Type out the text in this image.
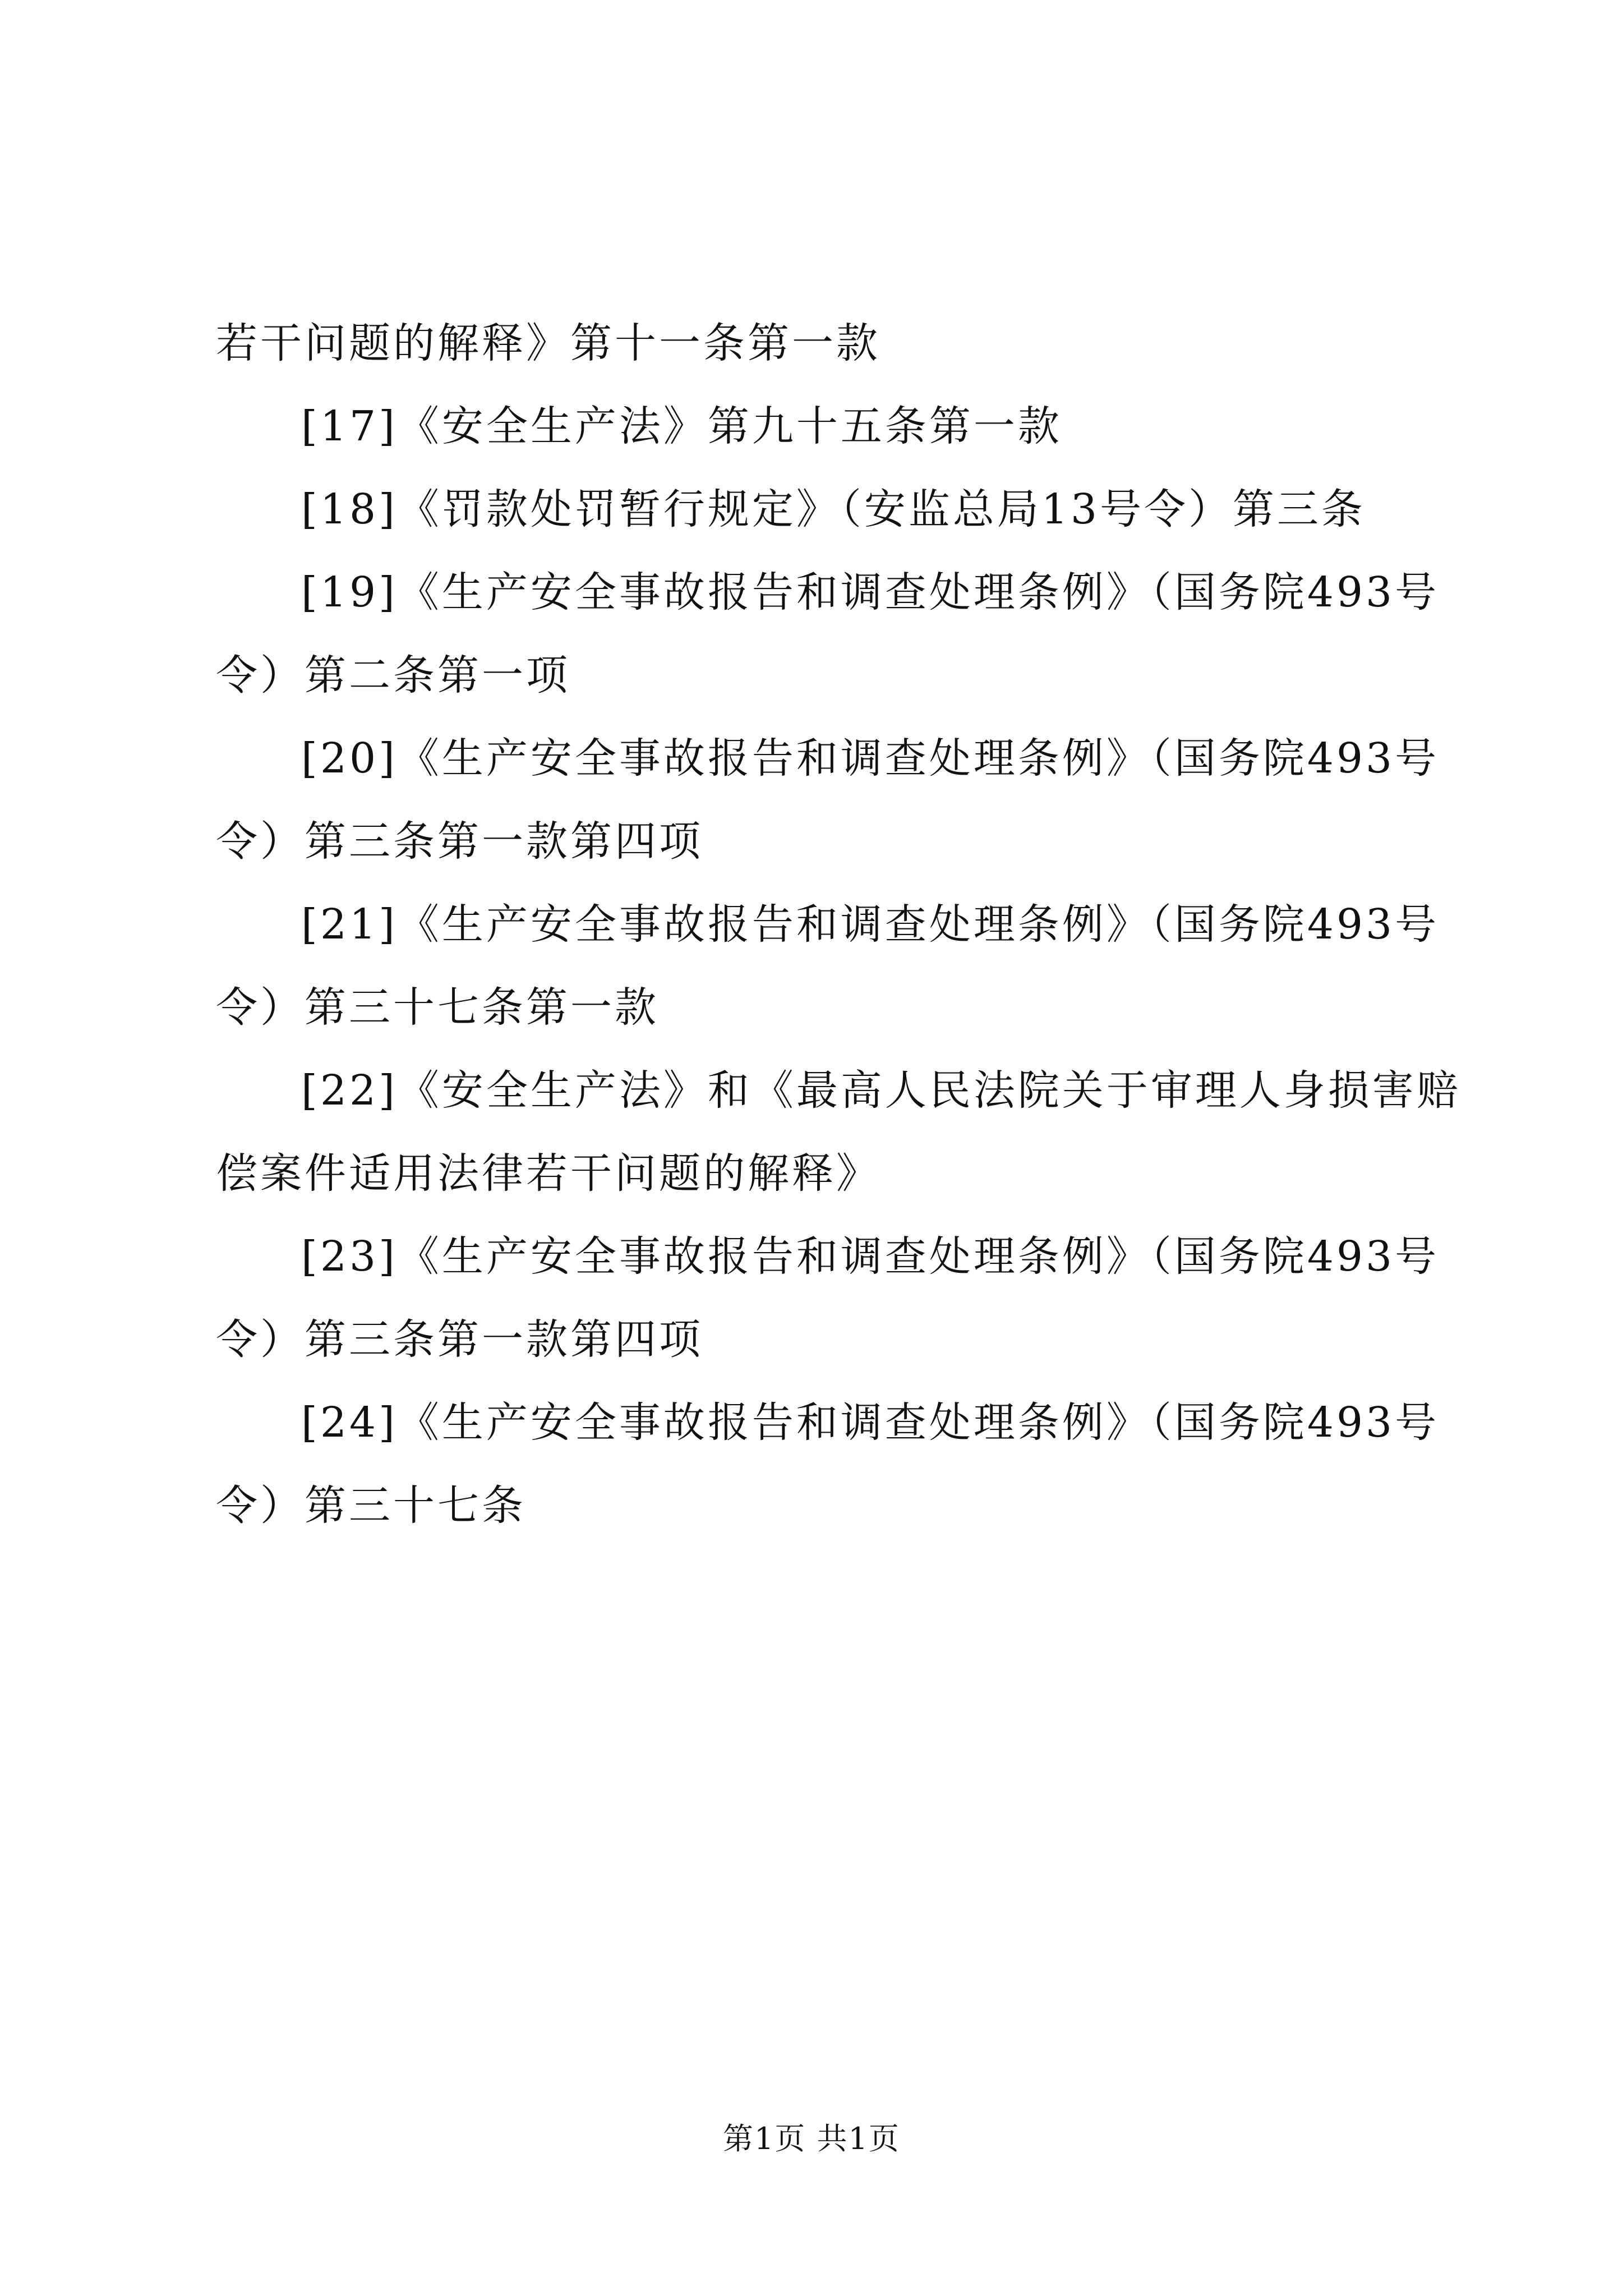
若干问题的解释》第十一条第一款
[17]《安全生产法》第九十五条第一款
[18]《罚款处罚暂行规定》（安监总局13号令）第三条
[19]《生产安全事故报告和调查处理条例》（国务院493号
令）第二条第一项
[20]《生产安全事故报告和调查处理条例》（国务院493号
令）第三条第一款第四项
[21]《生产安全事故报告和调查处理条例》（国务院493号
令）第三十七条第一款
[22]《安全生产法》和《最高人民法院关于审理人身损害赔
偿案件适用法律若干问题的解释》
[23]《生产安全事故报告和调查处理条例》（国务院493号
令）第三条第一款第四项
[24]《生产安全事故报告和调查处理条例》（国务院493号
令）第三十七条
第1页 共1页
